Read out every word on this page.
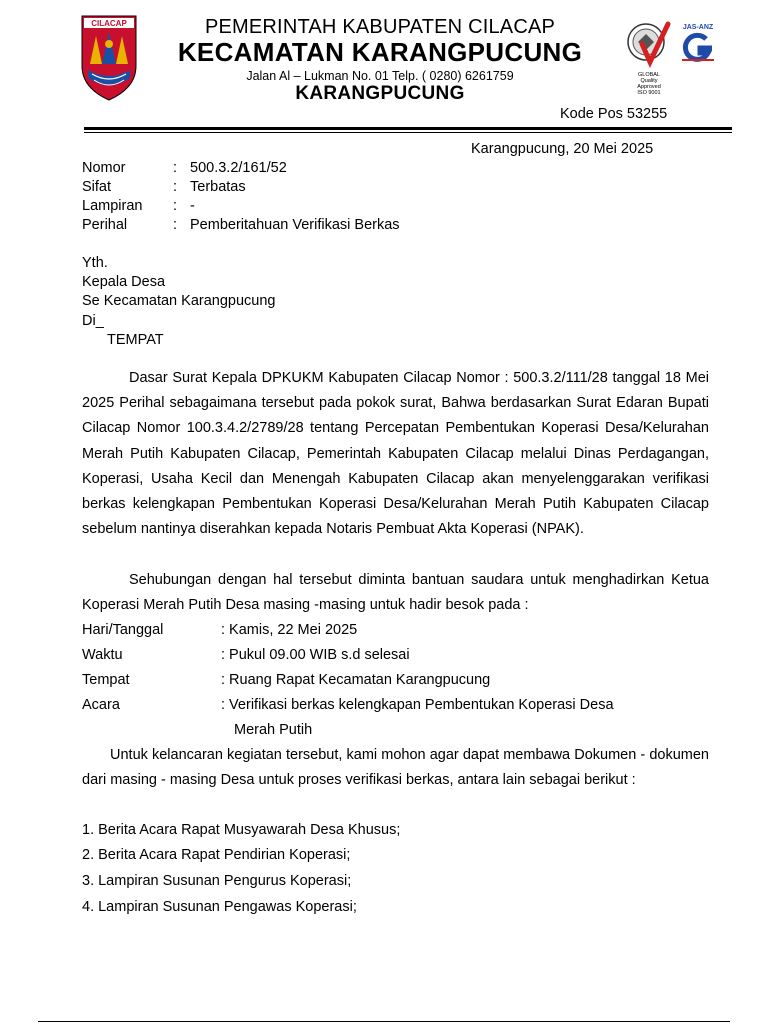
CILACAP	PEMERINTAH KABUPATEN CILACAP
KECAMATAN KARANGPUCUNG
Jalan Al – Lukman No. 01 Telp. ( 0280) 6261759
KARANGPUCUNG
Kode Pos 53255
GLOBAL
Quality
Approved
ISO 9001
JAS-ANZ
Karangpucung, 20 Mei 2025
Nomor	: 500.3.2/161/52
Sifat	: Terbatas
Lampiran : -
Perihal	: Pemberitahuan Verifikasi Berkas
Yth.
Kepala Desa
Se Kecamatan Karangpucung
Di_
TEMPAT
Dasar Surat Kepala DPKUKM Kabupaten Cilacap Nomor : 500.3.2/111/28 tanggal 18 Mei 2025 Perihal sebagaimana tersebut pada pokok surat, Bahwa berdasarkan Surat Edaran Bupati Cilacap Nomor 100.3.4.2/2789/28 tentang Percepatan Pembentukan Koperasi Desa/Kelurahan Merah Putih Kabupaten Cilacap, Pemerintah Kabupaten Cilacap melalui Dinas Perdagangan, Koperasi, Usaha Kecil dan Menengah Kabupaten Cilacap akan menyelenggarakan verifikasi berkas kelengkapan Pembentukan Koperasi Desa/Kelurahan Merah Putih Kabupaten Cilacap sebelum nantinya diserahkan kepada Notaris Pembuat Akta Koperasi (NPAK).
Sehubungan dengan hal tersebut diminta bantuan saudara untuk menghadirkan Ketua Koperasi Merah Putih Desa masing -masing untuk hadir besok pada :
Hari/Tanggal	: Kamis, 22 Mei 2025
Waktu	: Pukul 09.00 WIB s.d selesai
Tempat	: Ruang Rapat Kecamatan Karangpucung
Acara	: Verifikasi berkas kelengkapan Pembentukan Koperasi Desa
Merah Putih
Untuk kelancaran kegiatan tersebut, kami mohon agar dapat membawa Dokumen - dokumen dari masing - masing Desa untuk proses verifikasi berkas, antara lain sebagai berikut :
1. Berita Acara Rapat Musyawarah Desa Khusus;
2. Berita Acara Rapat Pendirian Koperasi;
3. Lampiran Susunan Pengurus Koperasi;
4. Lampiran Susunan Pengawas Koperasi;
